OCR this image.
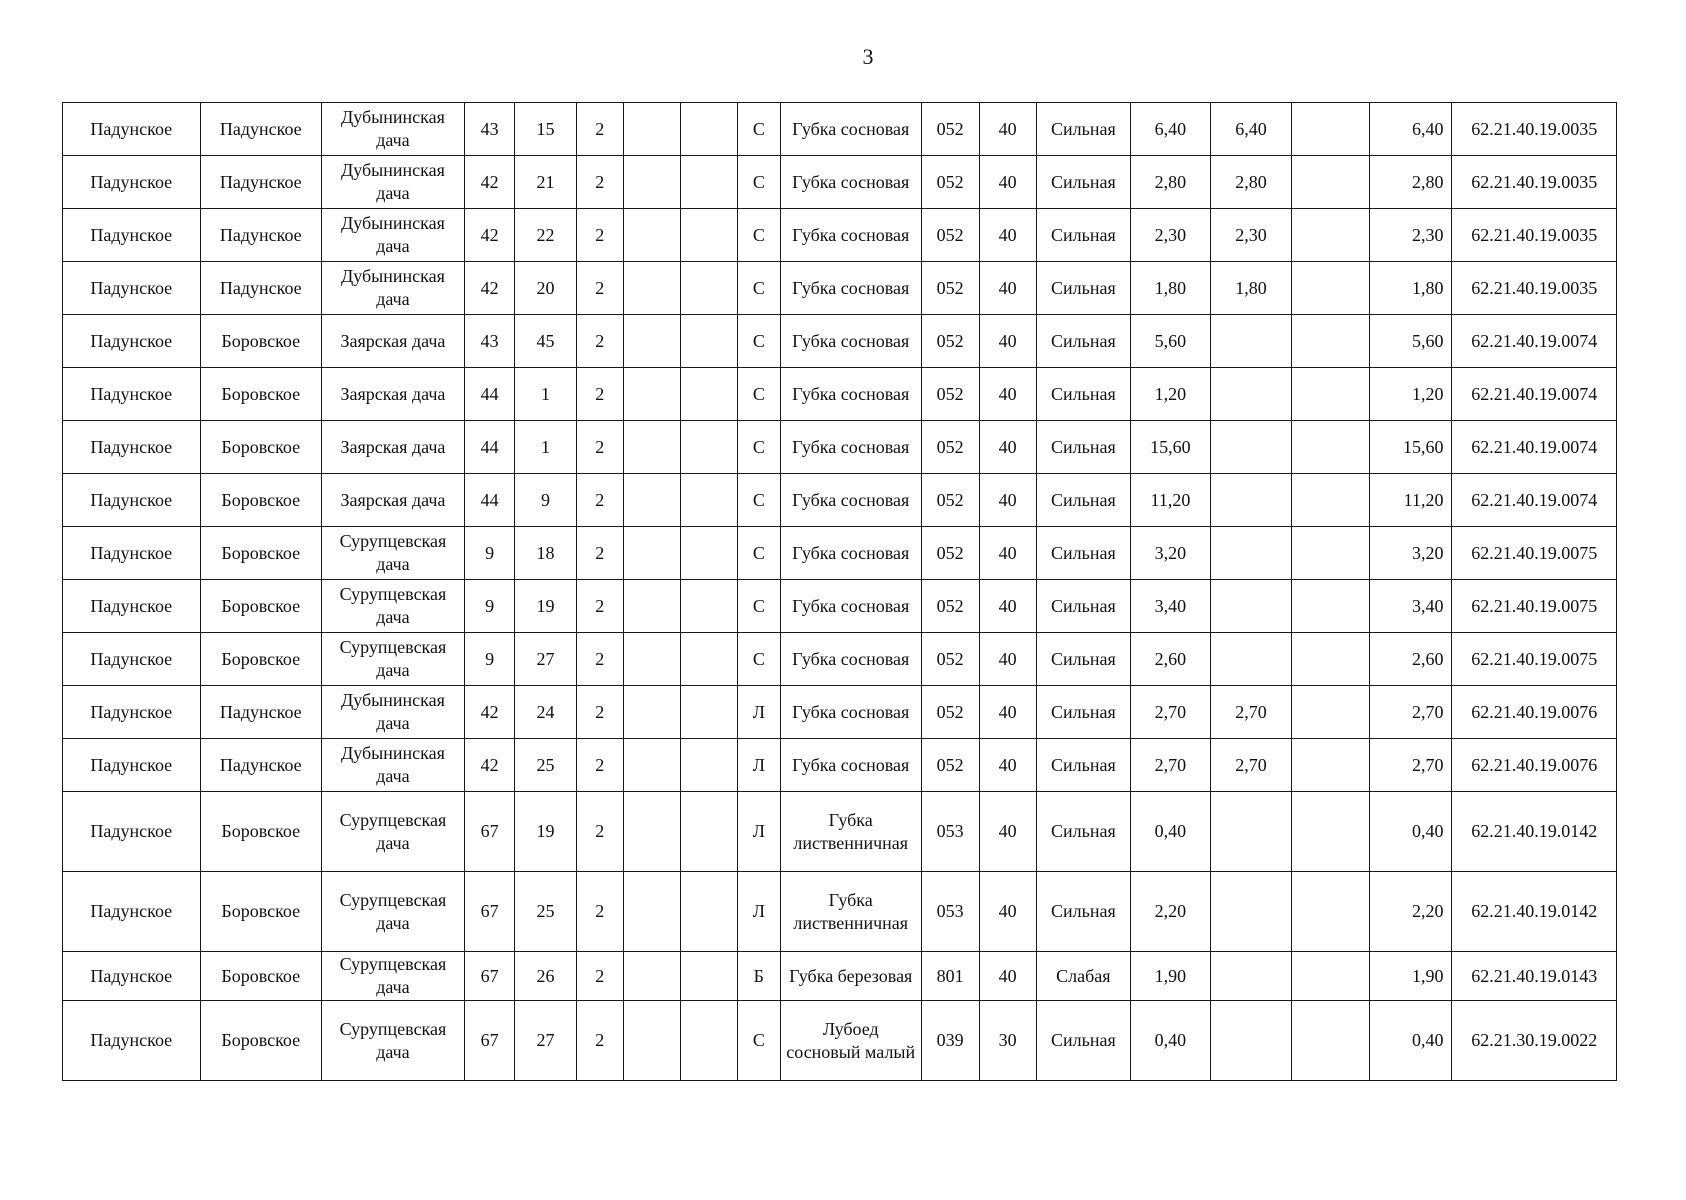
3
Падунское	Падунское	Дубынинская дача	43	15	2			С	Губка сосновая	052	40	Сильная	6,40	6,40		6,40	62.21.40.19.0035
Падунское	Падунское	Дубынинская дача	42	21	2			С	Губка сосновая	052	40	Сильная	2,80	2,80		2,80	62.21.40.19.0035
Падунское	Падунское	Дубынинская дача	42	22	2			С	Губка сосновая	052	40	Сильная	2,30	2,30		2,30	62.21.40.19.0035
Падунское	Падунское	Дубынинская дача	42	20	2			С	Губка сосновая	052	40	Сильная	1,80	1,80		1,80	62.21.40.19.0035
Падунское	Боровское	Заярская дача	43	45	2			С	Губка сосновая	052	40	Сильная	5,60			5,60	62.21.40.19.0074
Падунское	Боровское	Заярская дача	44	1	2			С	Губка сосновая	052	40	Сильная	1,20			1,20	62.21.40.19.0074
Падунское	Боровское	Заярская дача	44	1	2			С	Губка сосновая	052	40	Сильная	15,60			15,60	62.21.40.19.0074
Падунское	Боровское	Заярская дача	44	9	2			С	Губка сосновая	052	40	Сильная	11,20			11,20	62.21.40.19.0074
Падунское	Боровское	Сурупцевская дача	9	18	2			С	Губка сосновая	052	40	Сильная	3,20			3,20	62.21.40.19.0075
Падунское	Боровское	Сурупцевская дача	9	19	2			С	Губка сосновая	052	40	Сильная	3,40			3,40	62.21.40.19.0075
Падунское	Боровское	Сурупцевская дача	9	27	2			С	Губка сосновая	052	40	Сильная	2,60			2,60	62.21.40.19.0075
Падунское	Падунское	Дубынинская дача	42	24	2			Л	Губка сосновая	052	40	Сильная	2,70	2,70		2,70	62.21.40.19.0076
Падунское	Падунское	Дубынинская дача	42	25	2			Л	Губка сосновая	052	40	Сильная	2,70	2,70		2,70	62.21.40.19.0076
Падунское	Боровское	Сурупцевская дача	67	19	2			Л	Губка лиственничная	053	40	Сильная	0,40			0,40	62.21.40.19.0142
Падунское	Боровское	Сурупцевская дача	67	25	2			Л	Губка лиственничная	053	40	Сильная	2,20			2,20	62.21.40.19.0142
Падунское	Боровское	Сурупцевская дача	67	26	2			Б	Губка березовая	801	40	Слабая	1,90			1,90	62.21.40.19.0143
Падунское	Боровское	Сурупцевская дача	67	27	2			С	Лубоед сосновый малый	039	30	Сильная	0,40			0,40	62.21.30.19.0022
